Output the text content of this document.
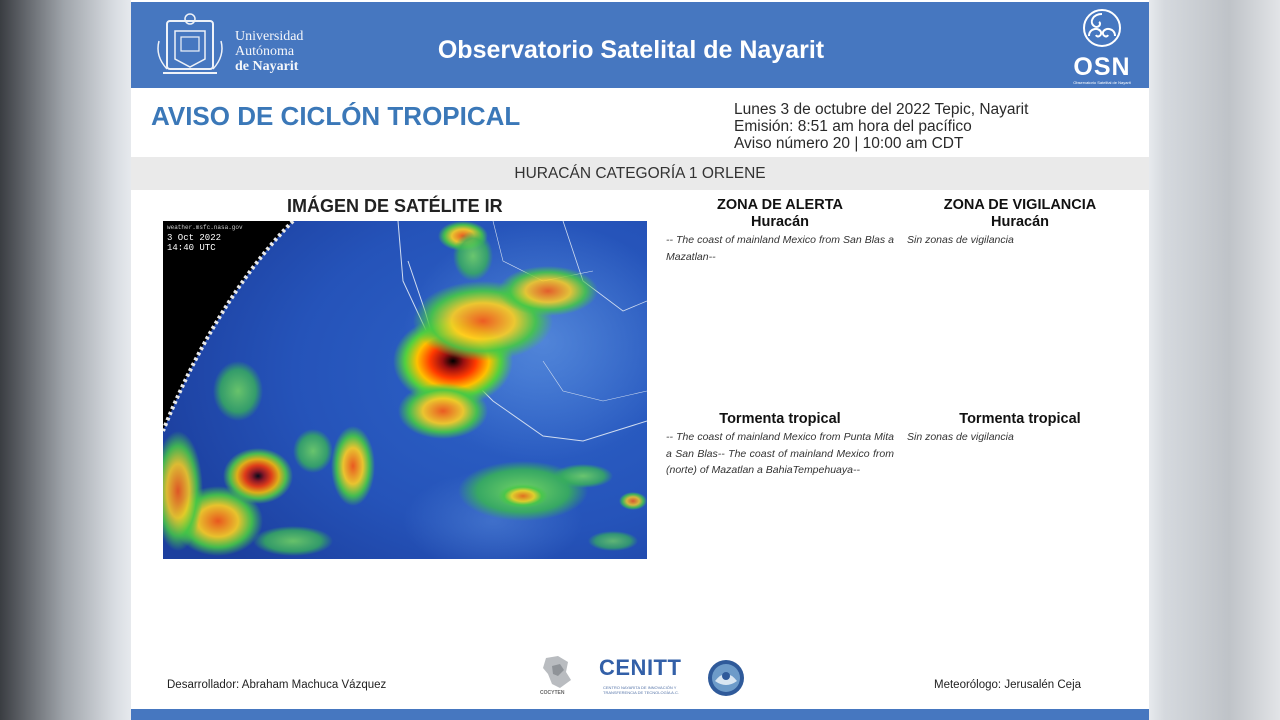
Universidad
Autónoma
de Nayarit
Observatorio Satelital de Nayarit
OSN
Observatorio Satelital de Nayarit
AVISO DE CICLÓN TROPICAL	Lunes 3 de octubre del 2022 Tepic, Nayarit
Emisión: 8:51 am hora del pacífico
Aviso número 20 | 10:00 am CDT
HURACÁN CATEGORÍA 1 ORLENE
IMÁGEN DE SATÉLITE IR
weather.msfc.nasa.gov
3 Oct 2022
14:40 UTC
ZONA DE ALERTA
Huracán
ZONA DE VIGILANCIA
Huracán
-- The coast of mainland Mexico from San Blas a Mazatlan--
Sin zonas de vigilancia
Tormenta tropical	Tormenta tropical
-- The coast of mainland Mexico from Punta Mita a San Blas-- The coast of mainland Mexico from (norte) of Mazatlan a BahiaTempehuaya--
Sin zonas de vigilancia
Desarrollador: Abraham Machuca Vázquez
COCYTEN
CENITT
CENTRO NAYARITA DE INNOVACIÓN Y TRANSFERENCIA DE TECNOLOGÍA A.C.
Meteorólogo: Jerusalén Ceja
